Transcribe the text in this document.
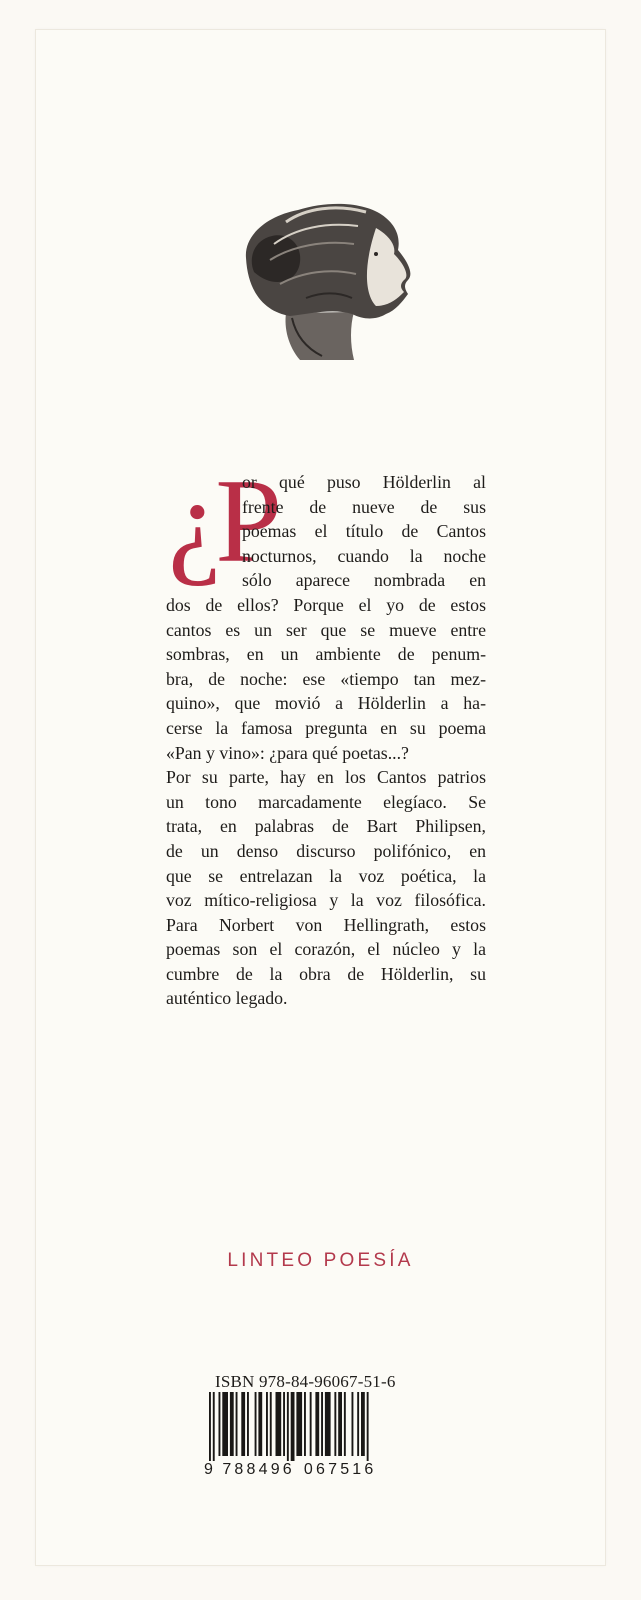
¿P
or qué puso Hölderlin al
frente de nueve de sus
poemas el título de Cantos
nocturnos, cuando la noche
sólo aparece nombrada en
dos de ellos? Porque el yo de estos
cantos es un ser que se mueve entre
sombras, en un ambiente de penum-
bra, de noche: ese «tiempo tan mez-
quino», que movió a Hölderlin a ha-
cerse la famosa pregunta en su poema
«Pan y vino»: ¿para qué poetas...?
Por su parte, hay en los Cantos patrios
un tono marcadamente elegíaco. Se
trata, en palabras de Bart Philipsen,
de un denso discurso polifónico, en
que se entrelazan la voz poética, la
voz mítico-religiosa y la voz filosófica.
Para Norbert von Hellingrath, estos
poemas son el corazón, el núcleo y la
cumbre de la obra de Hölderlin, su
auténtico legado.
LINTEO POESÍA
ISBN 978-84-96067-51-6
9 788496 067516
